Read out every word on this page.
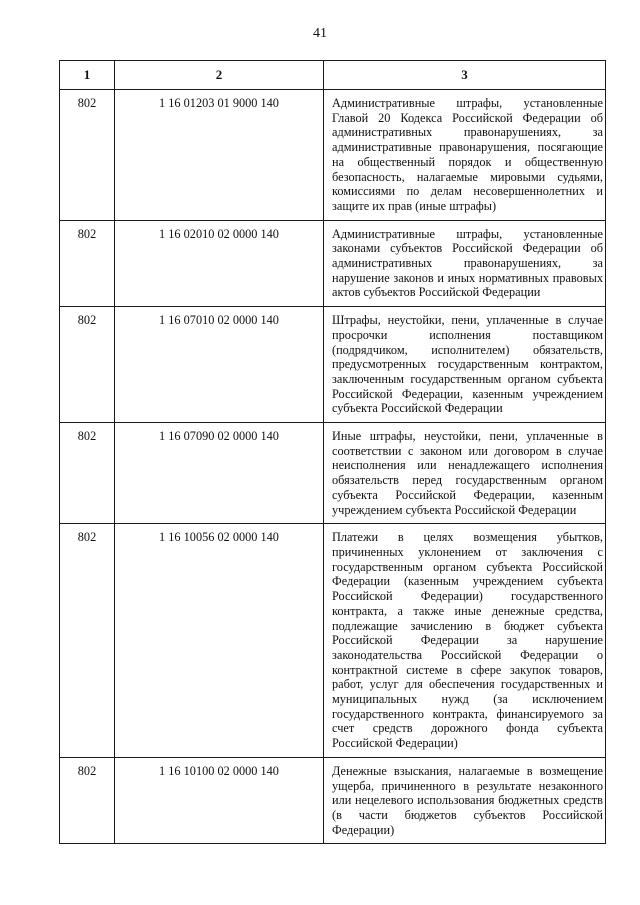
41
1	2	3
802	1 16 01203 01 9000 140	Административные штрафы, установленные Главой 20 Кодекса Российской Федерации об административных правонарушениях, за административные правонарушения, посягающие на общественный порядок и общественную безопасность, налагаемые мировыми судьями, комиссиями по делам несовершеннолетних и защите их прав (иные штрафы)
802	1 16 02010 02 0000 140	Административные штрафы, установленные законами субъектов Российской Федерации об административных правонарушениях, за нарушение законов и иных нормативных правовых актов субъектов Российской Федерации
802	1 16 07010 02 0000 140	Штрафы, неустойки, пени, уплаченные в случае просрочки исполнения поставщиком (подрядчиком, исполнителем) обязательств, предусмотренных государственным контрактом, заключенным государственным органом субъекта Российской Федерации, казенным учреждением субъекта Российской Федерации
802	1 16 07090 02 0000 140	Иные штрафы, неустойки, пени, уплаченные в соответствии с законом или договором в случае неисполнения или ненадлежащего исполнения обязательств перед государственным органом субъекта Российской Федерации, казенным учреждением субъекта Российской Федерации
802	1 16 10056 02 0000 140	Платежи в целях возмещения убытков, причиненных уклонением от заключения с государственным органом субъекта Российской Федерации (казенным учреждением субъекта Российской Федерации) государственного контракта, а также иные денежные средства, подлежащие зачислению в бюджет субъекта Российской Федерации за нарушение законодательства Российской Федерации о контрактной системе в сфере закупок товаров, работ, услуг для обеспечения государственных и муниципальных нужд (за исключением государственного контракта, финансируемого за счет средств дорожного фонда субъекта Российской Федерации)
802	1 16 10100 02 0000 140	Денежные взыскания, налагаемые в возмещение ущерба, причиненного в результате незаконного или нецелевого использования бюджетных средств (в части бюджетов субъектов Российской Федерации)
